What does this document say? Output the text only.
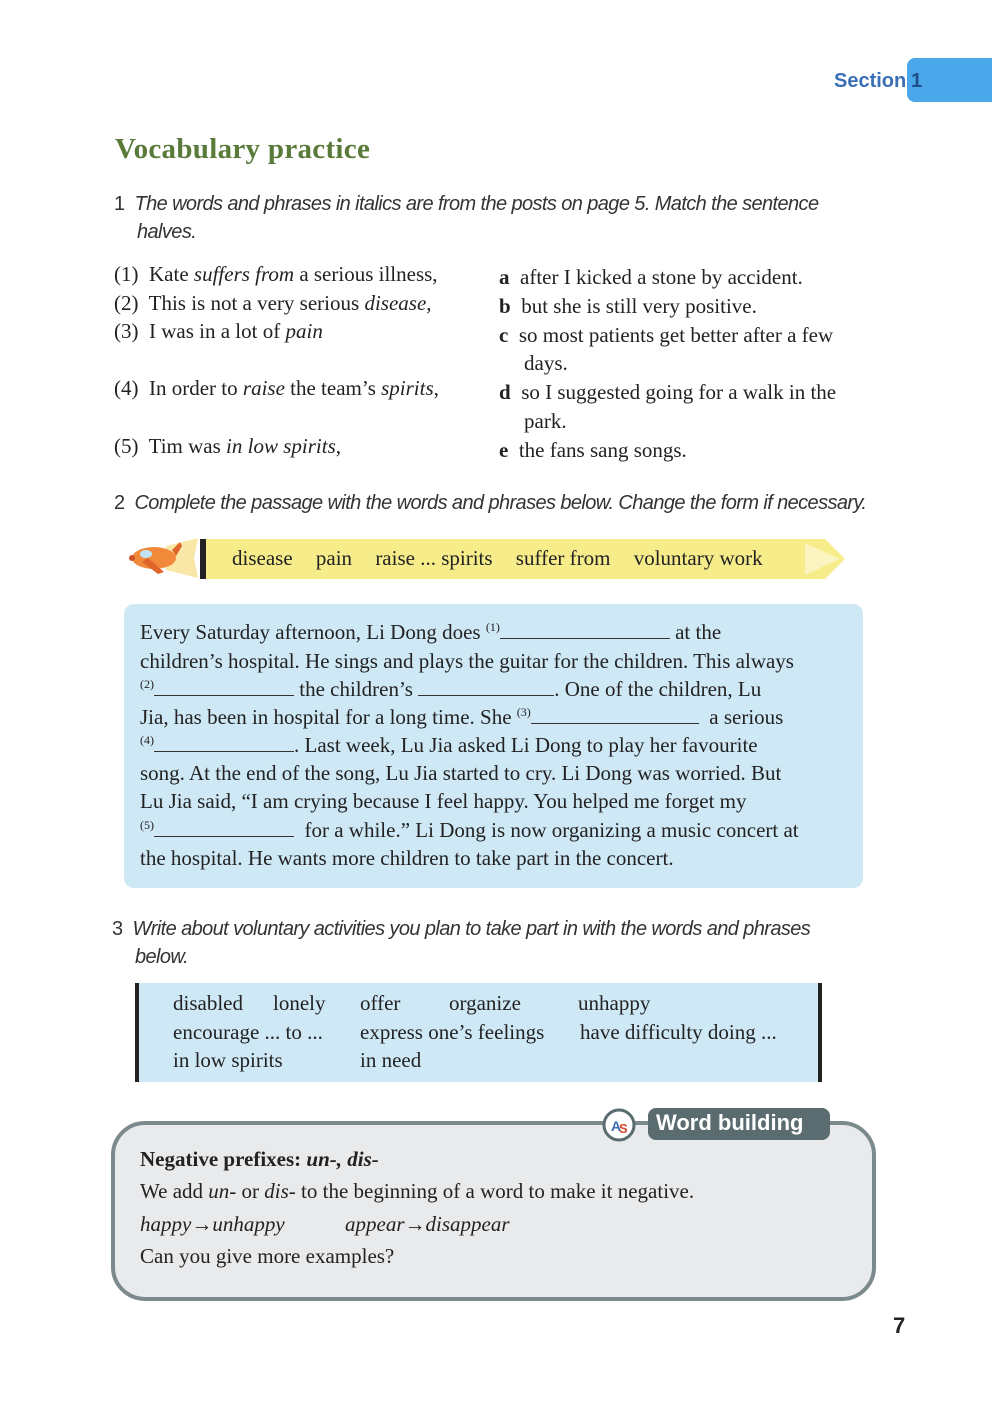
Section 1
Vocabulary practice
1 The words and phrases in italics are from the posts on page 5. Match the sentence
halves.
(1) Kate suffers from a serious illness,
(2) This is not a very serious disease,
(3) I was in a lot of pain
(4) In order to raise the team’s spirits,
(5) Tim was in low spirits,
a after I kicked a stone by accident.
b but she is still very positive.
c so most patients get better after a few
days.
d so I suggested going for a walk in the
park.
e the fans sang songs.
2 Complete the passage with the words and phrases below. Change the form if necessary.
disease pain raise ... spirits suffer from voluntary work
Every Saturday afternoon, Li Dong does $^{(1)}$	at the
children’s hospital. He sings and plays the guitar for the children. This always
$^{(2)}$	the children’s	. One of the children, Lu
Jia, has been in hospital for a long time. She $^{(3)}$	a serious
$^{(4)}$	. Last week, Lu Jia asked Li Dong to play her favourite
song. At the end of the song, Lu Jia started to cry. Li Dong was worried. But
Lu Jia said, “I am crying because I feel happy. You helped me forget my
$^{(5)}$	for a while.” Li Dong is now organizing a music concert at
the hospital. He wants more children to take part in the concert.
3 Write about voluntary activities you plan to take part in with the words and phrases
below.
disabled lonely offer organize	unhappy
encourage ... to ... express one’s feelings have difficulty doing ...
in low spirits	in need
A
S Word building
Negative prefixes: un-, dis-
We add un- or dis- to the beginning of a word to make it negative.
happy→unhappy	appear→disappear
Can you give more examples?
7
